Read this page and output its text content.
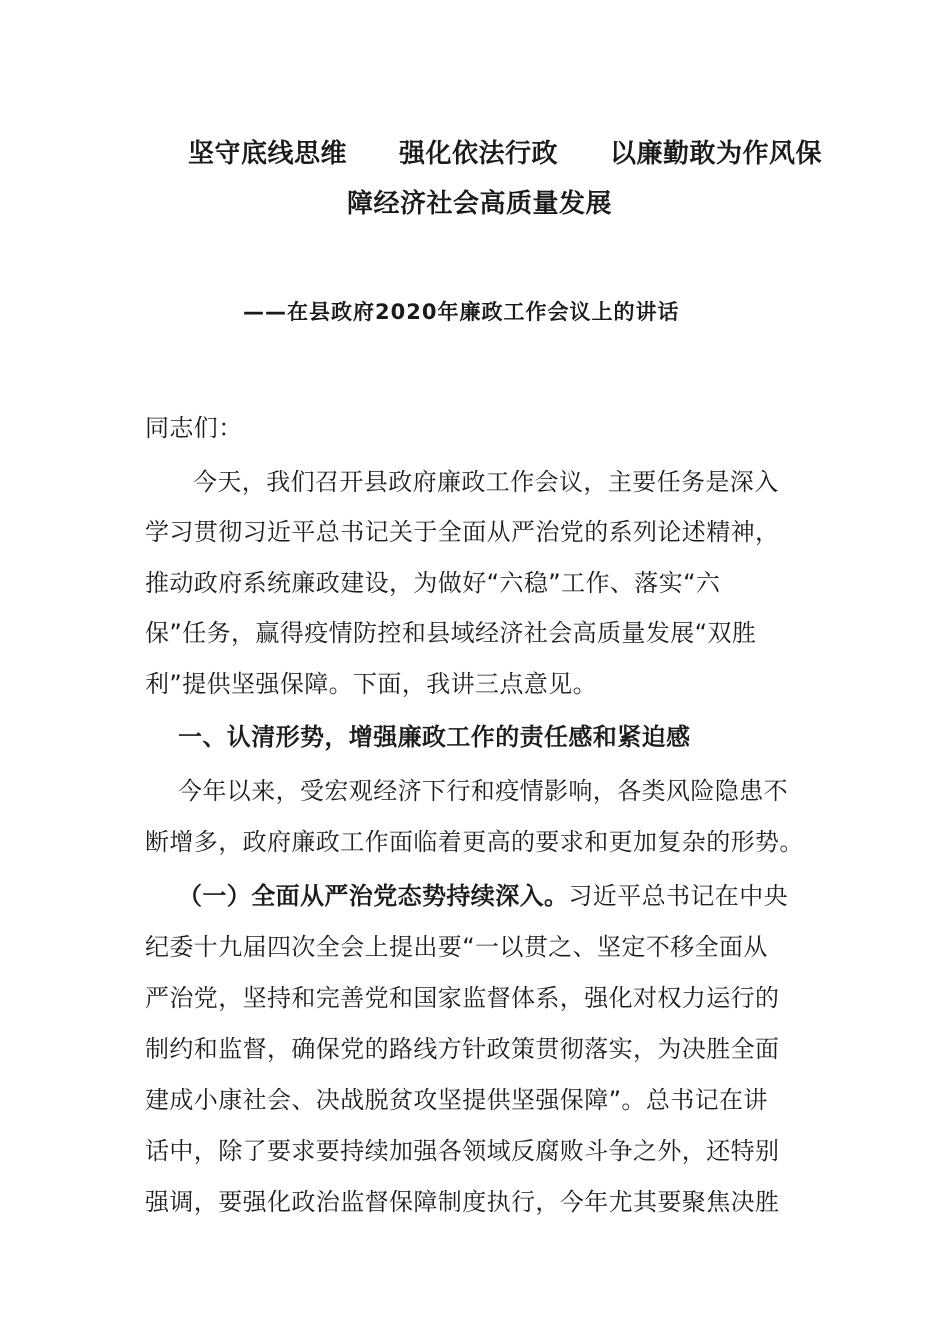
坚守底线思维 强化依法行政 以廉勤敢为作风保
障经济社会高质量发展
——在县政府2020年廉政工作会议上的讲话
同志们：
今天，我们召开县政府廉政工作会议，主要任务是深入
学习贯彻习近平总书记关于全面从严治党的系列论述精神，
推动政府系统廉政建设，为做好“六稳”工作、落实“六
保”任务，赢得疫情防控和县域经济社会高质量发展“双胜
利”提供坚强保障。下面，我讲三点意见。
一、认清形势，增强廉政工作的责任感和紧迫感
今年以来，受宏观经济下行和疫情影响，各类风险隐患不
断增多，政府廉政工作面临着更高的要求和更加复杂的形势。
（一）全面从严治党态势持续深入。习近平总书记在中央
纪委十九届四次全会上提出要“一以贯之、坚定不移全面从
严治党，坚持和完善党和国家监督体系，强化对权力运行的
制约和监督，确保党的路线方针政策贯彻落实，为决胜全面
建成小康社会、决战脱贫攻坚提供坚强保障”。总书记在讲
话中，除了要求要持续加强各领域反腐败斗争之外，还特别
强调，要强化政治监督保障制度执行，今年尤其要聚焦决胜
